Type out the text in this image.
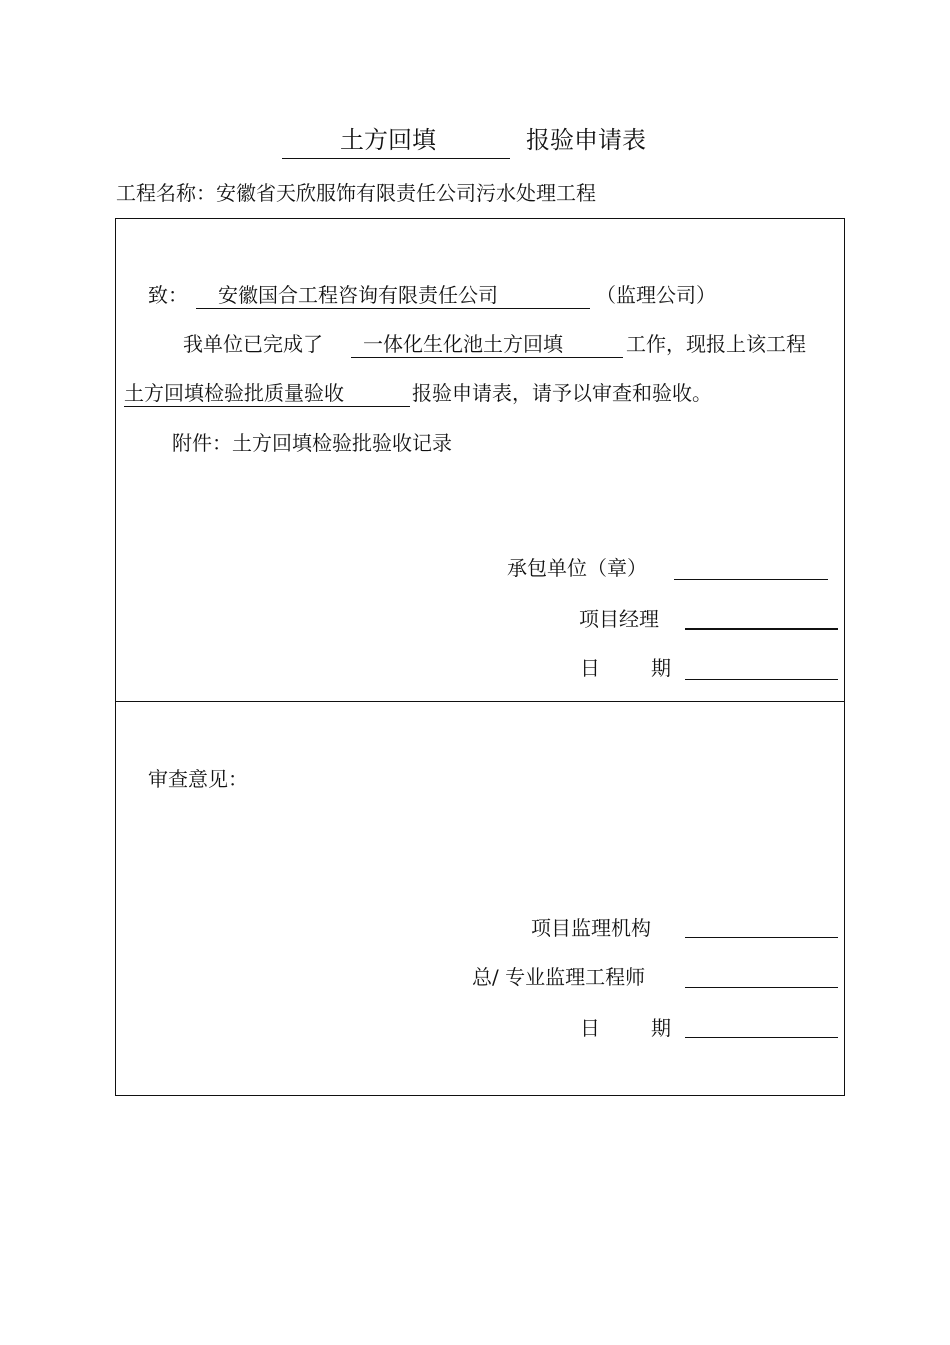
土方回填	报验申请表
工程名称：安徽省天欣服饰有限责任公司污水处理工程
致：	安徽国合工程咨询有限责任公司	（监理公司）
我单位已完成了	一体化生化池土方回填	工作，现报上该工程
土方回填检验批质量验收	报验申请表，请予以审查和验收。
附件：土方回填检验批验收记录
承包单位（章）
项目经理
日	期
审查意见：
项目监理机构
总/ 专业监理工程师
日	期
